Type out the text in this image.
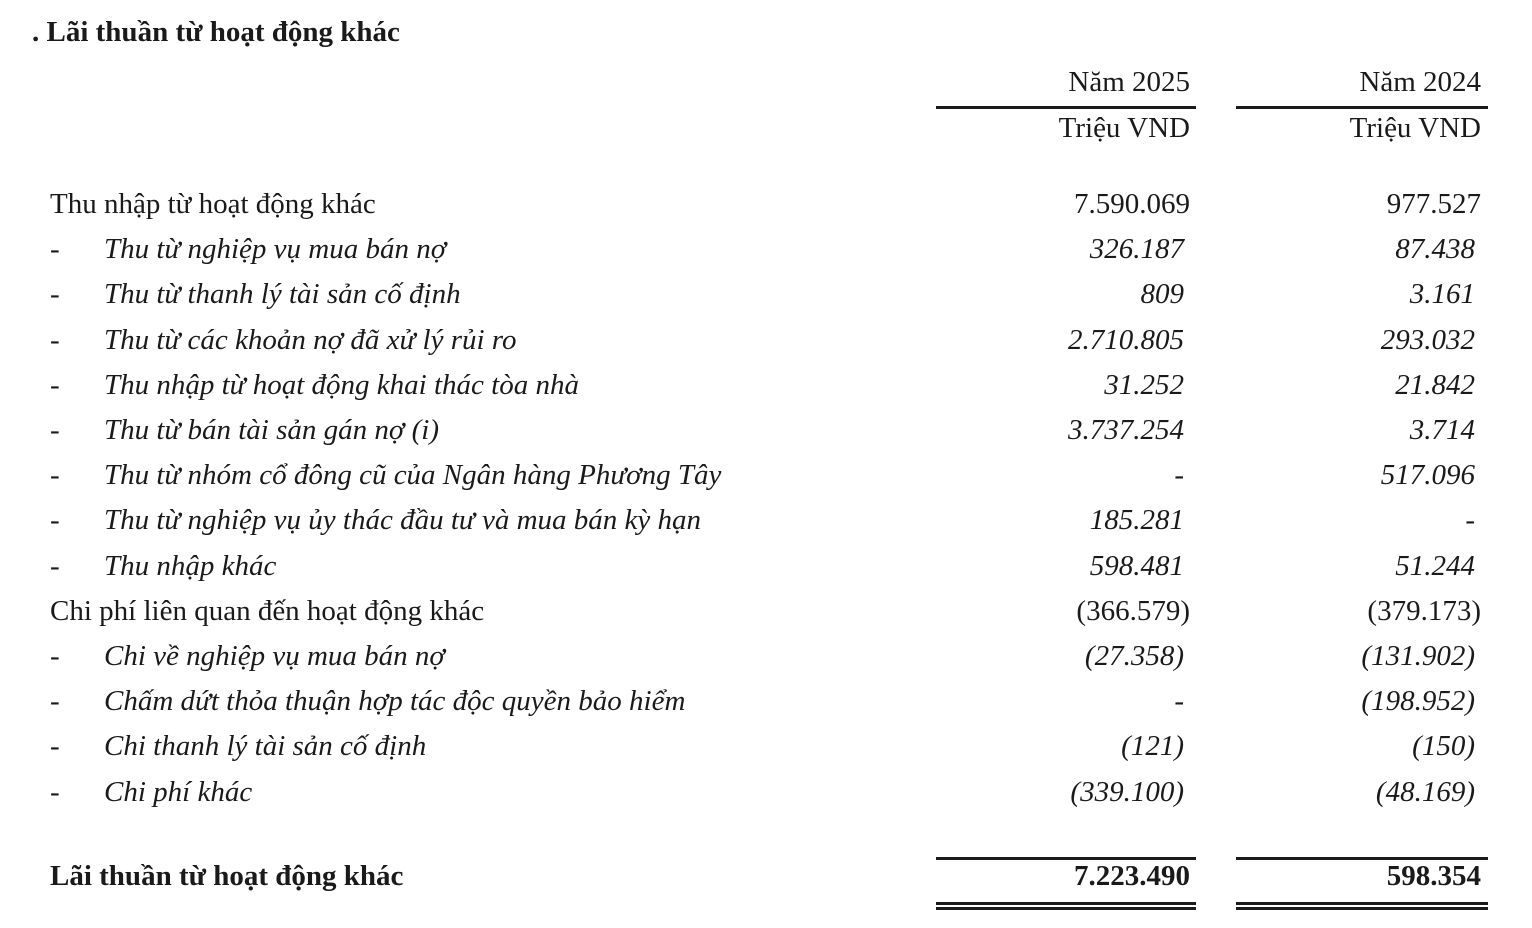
. Lãi thuần từ hoạt động khác
Năm 2025	Năm 2024
Triệu VND	Triệu VND
Thu nhập từ hoạt động khác	7.590.069	977.527
- Thu từ nghiệp vụ mua bán nợ	326.187	87.438
- Thu từ thanh lý tài sản cố định	809	3.161
- Thu từ các khoản nợ đã xử lý rủi ro	2.710.805	293.032
- Thu nhập từ hoạt động khai thác tòa nhà	31.252	21.842
- Thu từ bán tài sản gán nợ (i)	3.737.254	3.714
- Thu từ nhóm cổ đông cũ của Ngân hàng Phương Tây	-	517.096
- Thu từ nghiệp vụ ủy thác đầu tư và mua bán kỳ hạn	185.281	-
- Thu nhập khác	598.481	51.244
Chi phí liên quan đến hoạt động khác	(366.579)	(379.173)
- Chi về nghiệp vụ mua bán nợ	(27.358)	(131.902)
- Chấm dứt thỏa thuận hợp tác độc quyền bảo hiểm	-	(198.952)
- Chi thanh lý tài sản cố định	(121)	(150)
- Chi phí khác	(339.100)	(48.169)
Lãi thuần từ hoạt động khác	7.223.490	598.354
